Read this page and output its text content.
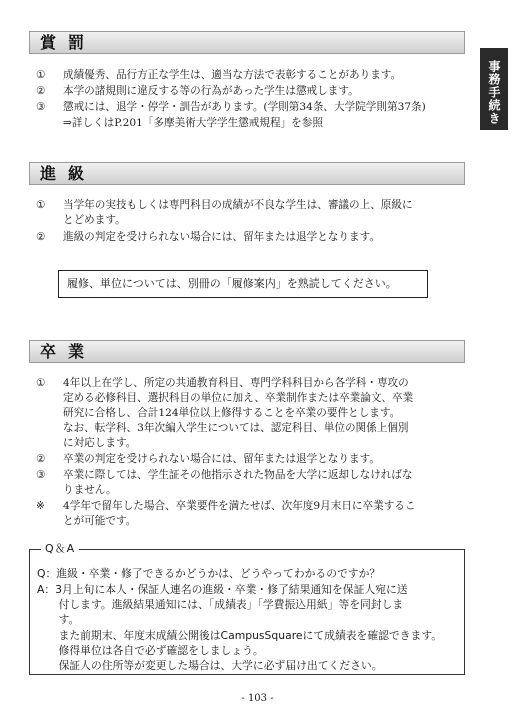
事務手続き
賞罰
① 成績優秀、品行方正な学生は、適当な方法で表彰することがあります。
② 本学の諸規則に違反する等の行為があった学生は懲戒します。
③ 懲戒には、退学・停学・訓告があります。(学則第34条、大学院学則第37条)
⇒詳しくはP.201「多摩美術大学学生懲戒規程」を参照
進級
① 当学年の実技もしくは専門科目の成績が不良な学生は、審議の上、原級に
とどめます。
② 進級の判定を受けられない場合には、留年または退学となります。
履修、単位については、別冊の「履修案内」を熟読してください。
卒業
① 4年以上在学し、所定の共通教育科目、専門学科科目から各学科・専攻の
定める必修科目、選択科目の単位に加え、卒業制作または卒業論文、卒業
研究に合格し、合計124単位以上修得することを卒業の要件とします。
なお、転学科、3年次編入学生については、認定科目、単位の関係上個別
に対応します。
② 卒業の判定を受けられない場合には、留年または退学となります。
③ 卒業に際しては、学生証その他指示された物品を大学に返却しなければな
りません。
※ 4学年で留年した場合、卒業要件を満たせば、次年度9月末日に卒業するこ
とが可能です。
Q＆A
Q：進級・卒業・修了できるかどうかは、どうやってわかるのですか？
A：3月上旬に本人・保証人連名の進級・卒業・修了結果通知を保証人宛に送
　　付します。進級結果通知には、「成績表」「学費振込用紙」等を同封しま
　　す。
　　また前期末、年度末成績公開後はCampusSquareにて成績表を確認できます。
　　修得単位は各自で必ず確認をしましょう。
　　保証人の住所等が変更した場合は、大学に必ず届け出てください。
- 103 -
